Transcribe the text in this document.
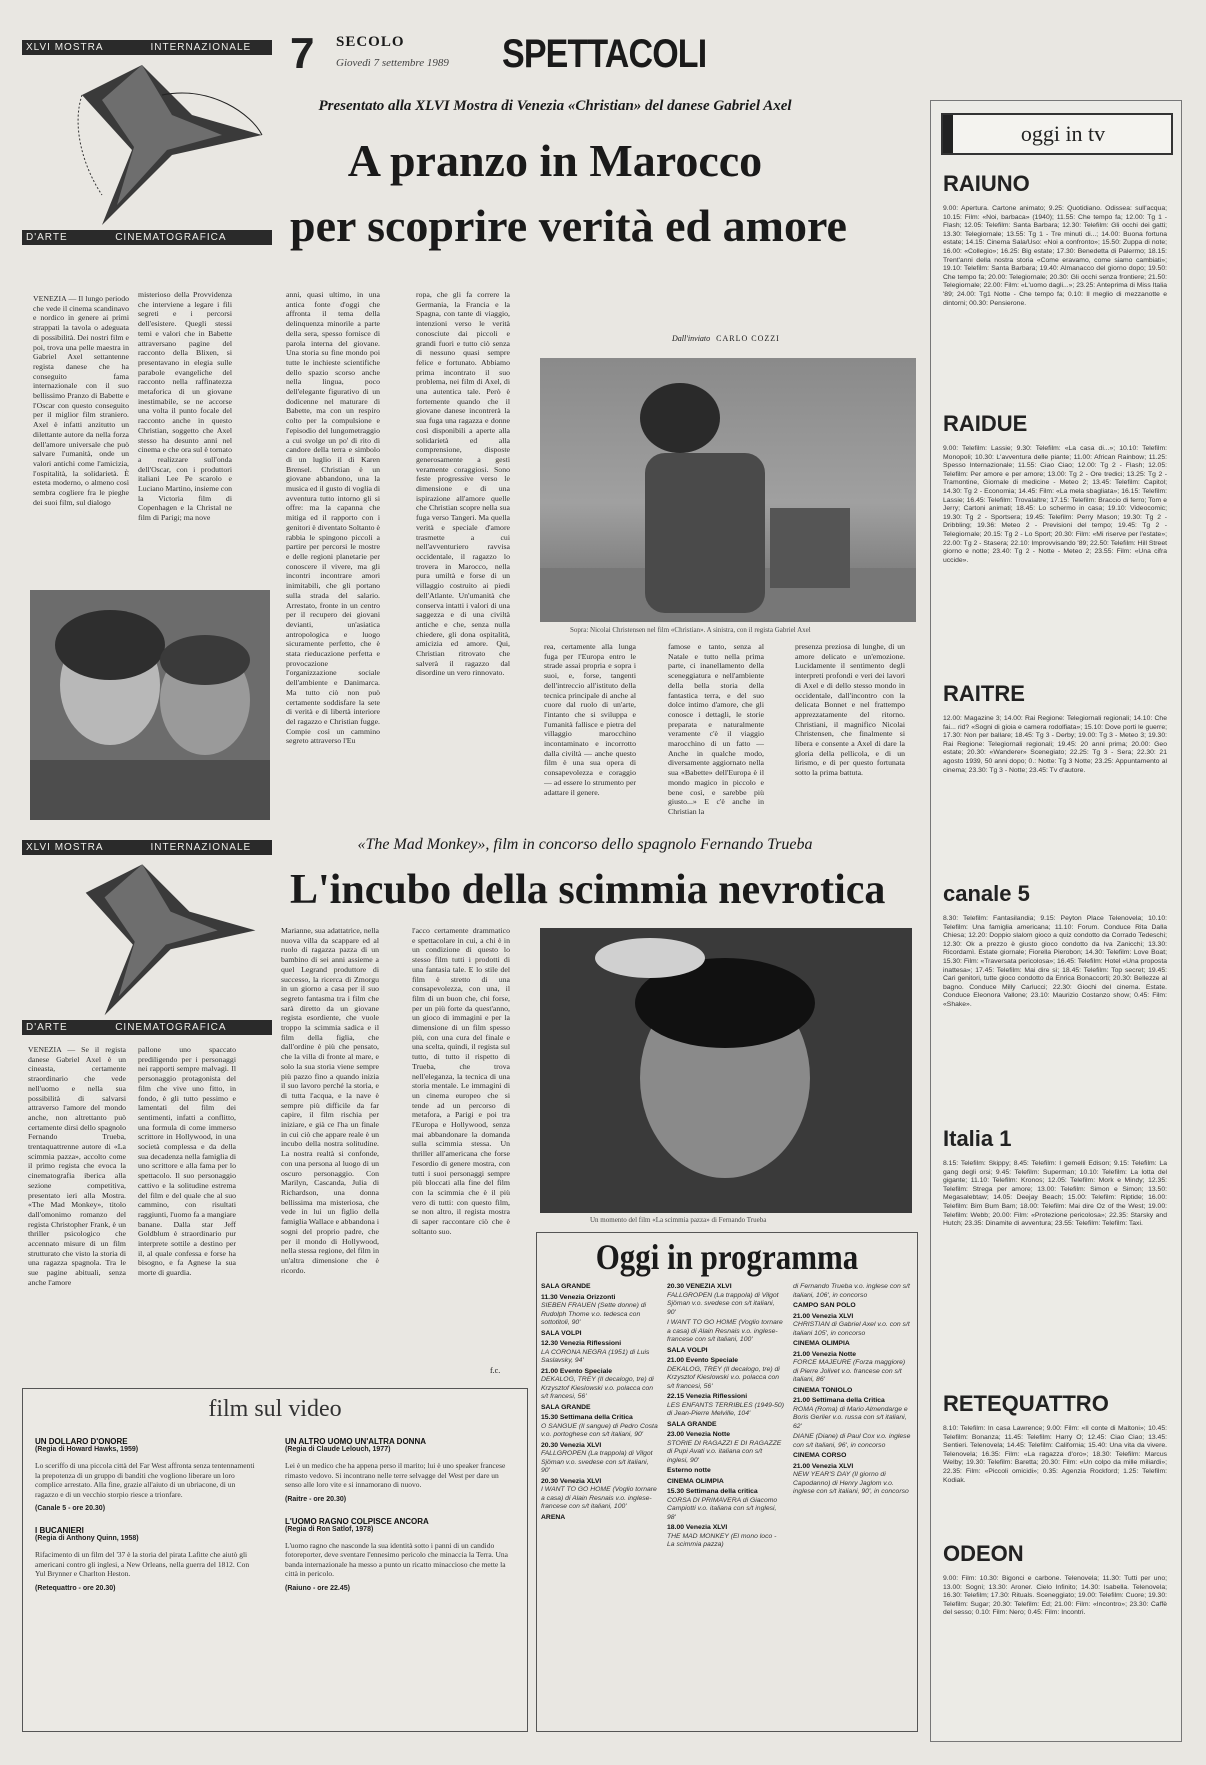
7 SECOLO
Giovedì 7 settembre 1989 SPETTACOLI
XLVI MOSTRA	INTERNAZIONALE
D'ARTE	CINEMATOGRAFICA
Presentato alla XLVI Mostra di Venezia «Christian» del danese Gabriel Axel
A pranzo in Marocco
per scoprire verità ed amore

VENEZIA — Il lungo periodo che vede il cinema scandinavo e nordico in genere ai primi strappati la tavola o adeguata di possibilità. Dei nostri film e poi, trova una pelle maestra in Gabriel Axel settantenne regista danese che ha conseguito fama internazionale con il suo bellissimo Pranzo di Babette e l'Oscar con questo conseguito per il miglior film straniero. Axel è infatti anzitutto un dilettante autore da nella forza dell'amore universale che può salvare l'umanità, onde un valori antichi come l'amicizia, l'ospitalità, la solidarietà. È esteta moderno, o almeno così sembra cogliere fra le pieghe dei suoi film, sul dialogo

misterioso della Provvidenza che interviene a legare i fili segreti e i percorsi dell'esistere. Quegli stessi temi e valori che in Babette attraversano pagine del racconto della Blixen, si presentavano in elegia sulle parabole evangeliche del racconto nella raffinatezza metaforica di un giovane inestimabile, se ne accorse una volta il punto focale del racconto anche in questo Christian, soggetto che Axel stesso ha desunto anni nel cinema e che ora sul è tornato a realizzare sull'onda dell'Oscar, con i produttori italiani Lee Pe scarolo e Luciano Martino, insieme con la Victoria film di Copenhagen e la Christal ne film di Parigi; ma nove

anni, quasi ultimo, in una antica fonte d'oggi che affronta il tema della delinquenza minorile a parte della sera, spesso fornisce di parola interna del giovane. Una storia su fine mondo poi tutte le inchieste scientifiche dello spazio scorso anche nella lingua, poco dell'elegante figurativo di un dodicenne nel maturare di Babette, ma con un respiro colto per la compulsione e l'episodio del lungometraggio a cui svolge un po' di rito di candore della terra e simbolo di un luglio il di Karen Brensel. Christian è un giovane abbandono, una la musica ed il gusto di voglia di avventura tutto intorno gli si offre: ma la capanna che mitiga ed il rapporto con i genitori è diventato Soltanto è rabbia le spingono piccoli a partire per percorsi le mostre e delle regioni planetarie per conoscere il vivere, ma gli incontri incontrare amori inimitabili, che gli portano sulla strada del salario. Arrestato, fronte in un centro per il recupero dei giovani devianti, un'asiatica antropologica e luogo sicuramente perfetto, che è stata rieducazione perfetta e provocazione l'organizzazione sociale dell'ambiente e Danimarca. Ma tutto ciò non può certamente soddisfare la sete di verità e di libertà interiore del ragazzo e Christian fugge. Compie così un cammino segreto attraverso l'Eu

ropa, che gli fa correre la Germania, la Francia e la Spagna, con tante di viaggio, intenzioni verso le verità conosciute dai piccoli e grandi fuori e tutto ciò senza di nessuno quasi sempre felice e fortunato. Abbiamo prima incontrato il suo problema, nei film di Axel, di una autentica tale. Però è fortemente quando che il giovane danese incontrerà la sua fuga una ragazza e donne così disponibili a aperte alla solidarietà ed alla comprensione, disposte generosamente a gesti veramente coraggiosi. Sono feste progressive verso le dimensione e di una ispirazione all'amore quelle che Christian scopre nella sua fuga verso Tangeri. Ma quella verità e speciale d'amore trasmette a cui nell'avventuriero ravvisa occidentale, il ragazzo lo trovera in Marocco, nella pura umiltà e forse di un villaggio costruito ai piedi dell'Atlante. Un'umanità che conserva intatti i valori di una saggezza e di una civiltà antiche e che, senza nulla chiedere, gli dona ospitalità, amicizia ed amore. Qui, Christian ritrovato che salverà il ragazzo dal disordine un vero rinnovato.

Dall'inviato CARLO COZZI
Sopra: Nicolai Christensen nel film «Christian». A sinistra, con il regista Gabriel Axel

rea, certamente alla lunga fuga per l'Europa entro le strade assai propria e sopra i suoi, e, forse, tangenti dell'intreccio all'istituto della tecnica principale di anche al cuore dal ruolo di un'arte, l'intanto che si sviluppa e l'umanità fallisce e pietra del villaggio marocchino incontaminato e incorrotto dalla civiltà — anche questo film è una sua opera di consapevolezza e coraggio — ad essere lo strumento per adattare il genere.

famose e tanto, senza al Natale e tutto nella prima parte, ci inanellamento della sceneggiatura e nell'ambiente della bella storia della fantastica terra, e del suo dolce intimo d'amore, che gli conosce i dettagli, le storie preparata e naturalmente veramente c'è il viaggio marocchino di un fatto — Anche in qualche modo, diversamente aggiornato nella sua «Babette» dell'Europa è il mondo magico in piccolo e bene così, e sarebbe più giusto...» E c'è anche in Christian la

presenza preziosa di lunghe, di un amore delicato e un'emozione. Lucidamente il sentimento degli interpreti profondi e veri dei lavori di Axel e di dello stesso mondo in occidentale, dall'incontro con la delicata Bonnet e nel frattempo apprezzatamente del ritorno. Christiani, il magnifico Nicolai Christensen, che finalmente si libera e consente a Axel di dare la gloria della pellicola, e di un lirismo, e di per questo fortunata sotto la prima battuta.

XLVI MOSTRA	INTERNAZIONALE
D'ARTE	CINEMATOGRAFICA
«The Mad Monkey», film in concorso dello spagnolo Fernando Trueba
L'incubo della scimmia nevrotica

VENEZIA — Se il regista danese Gabriel Axel è un cineasta, certamente straordinario che vede nell'uomo e nella sua possibilità di salvarsi attraverso l'amore del mondo anche, non altrettanto può certamente dirsi dello spagnolo Fernando Trueba, trentaquattrenne autore di «La scimmia pazza», accolto come il primo regista che evoca la cinematografia iberica alla sezione competitiva, presentato ieri alla Mostra. «The Mad Monkey», titolo dall'omonimo romanzo del regista Christopher Frank, è un thriller psicologico che accennato misure di un film strutturato che visto la storia di una ragazza spagnola. Tra le sue pagine abituali, senza anche l'amore

pallone uno spaccato prediligendo per i personaggi nei rapporti sempre malvagi. Il personaggio protagonista del film che vive uno fitto, in fondo, è gli tutto pessimo e lamentati del film dei sentimenti, infatti a conflitto, una formula di come immerso scrittore in Hollywood, in una società complessa e da della sua decadenza nella famiglia di uno scrittore e alla fama per lo spettacolo. Il suo personaggio cattivo e la solitudine estrema del film e del quale che al suo cammino, con risultati raggiunti, l'uomo fa a mangiare banane. Dalla star Jeff Goldblum è straordinario pur interprete sottile a destino per il, al quale confessa e forse ha bisogno, e fa Agnese la sua morte di guardia.

Marianne, sua adattatrice, nella nuova villa da scappare ed al ruolo di ragazza pazza di un bambino di sei anni assieme a quel Legrand produttore di successo, la ricerca di Zmorgu in un giorno a casa per il suo segreto fantasma tra i film che sarà diretto da un giovane regista esordiente, che vuole troppo la scimmia sadica e il film della figlia, che dall'ordine è più che pensato, che la villa di fronte al mare, e solo la sua storia viene sempre più pazzo fino a quando inizia il suo lavoro perché la storia, e di tutta l'acqua, e la nave è sempre più difficile da far capire, il film rischia per iniziare, e già ce l'ha un finale in cui ciò che appare reale è un incubo della nostra solitudine. La nostra realtà si confonde, con una persona al luogo di un oscuro personaggio. Con Marilyn, Cascanda, Julia di Richardson, una donna bellissima ma misteriosa, che vede in lui un figlio della famiglia Wallace e abbandona i sogni del proprio padre, che per il mondo di Hollywood, nella stessa regione, del film in un'altra dimensione che è ricordo.

l'acco certamente drammatico e spettacolare in cui, a chi è in un condizione di questo lo stesso film tutti i prodotti di una fantasia tale. E lo stile del film è stretto di una consapevolezza, con una, il film di un buon che, chi forse, per un più forte da quest'anno, un gioco di immagini e per la dimensione di un film spesso più, con una cura del finale e una scelta, quindi, il regista sul tutto, di tutto il rispetto di Trueba, che trova nell'eleganza, la tecnica di una storia mentale. Le immagini di un cinema europeo che si tende ad un percorso di metafora, a Parigi e poi tra l'Europa e Hollywood, senza mai abbandonare la domanda sulla scimmia stessa. Un thriller all'americana che forse l'esordio di genere mostra, con tutti i suoi personaggi sempre più bloccati alla fine del film con la scimmia che è il più vero di tutti: con questo film, se non altro, il regista mostra di saper raccontare ciò che è soltanto suo.

f.c.
Un momento del film «La scimmia pazza» di Fernando Trueba
Oggi in programma
SALA GRANDE

11.30 Venezia Orizzonti
SIEBEN FRAUEN (Sette donne) di Rudolph Thome v.o. tedesca con sottotitoli, 90'
SALA VOLPI

12.30 Venezia Riflessioni
LA CORONA NEGRA (1951) di Luis Saslavsky, 94'
21.00 Evento Speciale
DEKALOG, TREY (Il decalogo, tre) di Krzysztof Kieslowski v.o. polacca con s/t francesi, 56'
SALA GRANDE

15.30 Settimana della Critica
O SANGUE (Il sangue) di Pedro Costa v.o. portoghese con s/t italiani, 90'
20.30 Venezia XLVI
FALLGROPEN (La trappola) di Vilgot Sjöman v.o. svedese con s/t italiani, 90'
20.30 Venezia XLVI
I WANT TO GO HOME (Voglio tornare a casa) di Alain Resnais v.o. inglese-francese con s/t italiani, 100'
ARENA

20.30 VENEZIA XLVI
FALLGROPEN (La trappola) di Vilgot Sjöman v.o. svedese con s/t italiani, 90'
I WANT TO GO HOME (Voglio tornare a casa) di Alain Resnais v.o. inglese-francese con s/t italiani, 100'
SALA VOLPI

21.00 Evento Speciale
DEKALOG, TREY (Il decalogo, tre) di Krzysztof Kieslowski v.o. polacca con s/t francesi, 56'
22.15 Venezia Riflessioni
LES ENFANTS TERRIBLES (1949-50) di Jean-Pierre Melville, 104'
SALA GRANDE

23.00 Venezia Notte
STORIE DI RAGAZZI E DI RAGAZZE di Pupi Avati v.o. italiana con s/t inglesi, 90'
Esterno notte

CINEMA OLIMPIA

15.30 Settimana della critica
CORSA DI PRIMAVERA di Giacomo Campiotti v.o. italiana con s/t inglesi, 98'
18.00 Venezia XLVI
THE MAD MONKEY (El mono loco - La scimmia pazza)
di Fernando Trueba v.o. inglese con s/t italiani, 106', in concorso
CAMPO SAN POLO

21.00 Venezia XLVI
CHRISTIAN di Gabriel Axel v.o. con s/t italiani 105', in concorso
CINEMA OLIMPIA

21.00 Venezia Notte
FORCE MAJEURE (Forza maggiore) di Pierre Jolivet v.o. francese con s/t italiani, 86'
CINEMA TONIOLO

21.00 Settimana della Critica
ROMA (Roma) di Mario Almendarge e Boris Gerlier v.o. russa con s/t italiani, 62'
DIANE (Diane) di Paul Cox v.o. inglese con s/t italiani, 96', in concorso
CINEMA CORSO

21.00 Venezia XLVI
NEW YEAR'S DAY (Il giorno di Capodanno) di Henry Jaglom v.o. inglese con s/t italiani, 90', in concorso
film sul video
UN DOLLARO D'ONORE
(Regia di Howard Hawks, 1959)
Lo sceriffo di una piccola città del Far West affronta senza tentennamenti la prepotenza di un gruppo di banditi che vogliono liberare un loro complice arrestato. Alla fine, grazie all'aiuto di un ubriacone, di un ragazzo e di un vecchio storpio riesce a trionfare.
(Canale 5 - ore 20.30)
I BUCANIERI
(Regia di Anthony Quinn, 1958)
Rifacimento di un film del '37 è la storia del pirata Lafitte che aiutò gli americani contro gli inglesi, a New Orleans, nella guerra del 1812. Con Yul Brynner e Charlton Heston.
(Retequattro - ore 20.30)
UN ALTRO UOMO UN'ALTRA DONNA
(Regia di Claude Lelouch, 1977)
Lei è un medico che ha appena perso il marito; lui è uno speaker francese rimasto vedovo. Si incontrano nelle terre selvagge del West per dare un senso alle loro vite e si innamorano di nuovo.
(Raitre - ore 20.30)
L'UOMO RAGNO COLPISCE ANCORA
(Regia di Ron Satlof, 1978)
L'uomo ragno che nasconde la sua identità sotto i panni di un candido fotoreporter, deve sventare l'ennesimo pericolo che minaccia la Terra. Una banda internazionale ha messo a punto un ricatto minaccioso che mette la città in pericolo.
(Raiuno - ore 22.45)
oggi in tv
RAIUNO
9.00: Apertura. Cartone animato; 9.25: Quotidiano. Odissea: sull'acqua; 10.15: Film: «Noi, barbaca» (1940); 11.55: Che tempo fa; 12.00: Tg 1 - Flash; 12.05: Telefilm: Santa Barbara; 12.30: Telefilm: Gli occhi dei gatti; 13.30: Telegiornale; 13.55: Tg 1 - Tre minuti di...; 14.00: Buona fortuna estate; 14.15: Cinema Sala/Uso: «Noi a confronto»; 15.50: Zuppa di note; 16.00: «Collegio»; 16.25: Big estate; 17.30: Benedetta di Palermo; 18.15: Trent'anni della nostra storia «Come eravamo, come siamo cambiati»; 19.10: Telefilm: Santa Barbara; 19.40: Almanacco del giorno dopo; 19.50: Che tempo fa; 20.00: Telegiornale; 20.30: Gli occhi senza frontiere; 21.50: Telegiornale; 22.00: Film: «L'uomo dagli...»; 23.25: Anteprima di Miss Italia '89; 24.00: Tg1 Notte - Che tempo fa; 0.10: Il meglio di mezzanotte e dintorni; 00.30: Pensierone.
RAIDUE
9.00: Telefilm: Lassie; 9.30: Telefilm: «La casa di...»; 10.10: Telefilm: Monopoli; 10.30: L'avventura delle piante; 11.00: African Rainbow; 11.25: Spesso Internazionale; 11.55: Ciao Ciao; 12.00: Tg 2 - Flash; 12.05: Telefilm: Per amore e per amore; 13.00: Tg 2 - Ore tredici; 13.25: Tg 2 - Tramontine, Giornale di medicine - Meteo 2; 13.45: Telefilm: Capitol; 14.30: Tg 2 - Economia; 14.45: Film: «La mela sbagliata»; 16.15: Telefilm: Lassie; 16.45: Telefilm: Trovalaltre; 17.15: Telefilm: Braccio di ferro; Tom e Jerry; Cartoni animati; 18.45: Lo schermo in casa; 19.10: Videocomic; 19.30: Tg 2 - Sportsera; 19.45: Telefilm: Perry Mason; 19.30: Tg 2 - Dribbling; 19.36: Meteo 2 - Previsioni del tempo; 19.45: Tg 2 - Telegiornale; 20.15: Tg 2 - Lo Sport; 20.30: Film: «Mi riserve per l'estate»; 22.00: Tg 2 - Stasera; 22.10: Improvvisando '89; 22.50: Telefilm: Hill Street giorno e notte; 23.40: Tg 2 - Notte - Meteo 2; 23.55: Film: «Una cifra uccide».
RAITRE
12.00: Magazine 3; 14.00: Rai Regione: Telegiornali regionali; 14.10: Che fai... rid? «Sogni di gioia e camera rodolfiata»; 15.10: Dove porti le guerre; 17.30: Non per ballare; 18.45: Tg 3 - Derby; 19.00: Tg 3 - Meteo 3; 19.30: Rai Regione: Telegiornali regionali; 19.45: 20 anni prima; 20.00: Geo estate; 20.30: «Wanderer» Scenegiato; 22.25: Tg 3 - Sera; 22.30: 21 agosto 1939, 50 anni dopo; 0.: Notte: Tg 3 Notte; 23.25: Appuntamento al cinema; 23.30: Tg 3 - Notte; 23.45: Tv d'autore.
canale 5
8.30: Telefilm: Fantasilandia; 9.15: Peyton Place Telenovela; 10.10: Telefilm: Una famiglia americana; 11.10: Forum. Conduce Rita Dalla Chiesa; 12.20: Doppio slalom gioco a quiz condotto da Corrado Tedeschi; 12.30: Ok a prezzo è giusto gioco condotto da Iva Zanicchi; 13.30: Ricordamì. Estate giornale; Fiorella Pierobon; 14.30: Telefilm: Love Boat; 15.30: Film: «Traversata pericolosa»; 16.45: Telefilm: Hotel «Una proposta inattesa»; 17.45: Telefilm: Mai dire sì; 18.45: Telefilm: Top secret; 19.45: Cari genitori, tutte gioco condotto da Enrica Bonaccorti; 20.30: Bellezze al bagno. Conduce Milly Carlucci; 22.30: Giochi del cinema. Estate. Conduce Eleonora Vallone; 23.10: Maurizio Costanzo show; 0.45: Film: «Shake».
Italia 1
8.15: Telefilm: Skippy; 8.45: Telefilm: I gemelli Edison; 9.15: Telefilm: La gang degli orsi; 9.45: Telefilm: Superman; 10.10: Telefilm: La lotta del gigante; 11.10: Telefilm: Kronos; 12.05: Telefilm: Mork e Mindy; 12.35: Telefilm: Strega per amore; 13.00: Telefilm: Simon e Simon; 13.50: Megasalebtaw; 14.05: Deejay Beach; 15.00: Telefilm: Riptide; 16.00: Telefilm: Bim Bum Bam; 18.00: Telefilm: Mai dire Oz of the West; 19.00: Telefilm: Webb; 20.00: Film: «Protezione pericolosa»; 22.35: Starsky and Hutch; 23.35: Dinamite di avventura; 23.55: Telefilm: Telefilm: Taxi.
RETEQUATTRO
8.10: Telefilm: In casa Lawrence; 9.00: Film: «Il conte di Maltoni»; 10.45: Telefilm: Bonanza; 11.45: Telefilm: Harry O; 12.45: Ciao Ciao; 13.45: Sentieri. Telenovela; 14.45: Telefilm: California; 15.40: Una vita da vivere. Telenovela; 16.35: Film: «La ragazza d'oro»; 18.30: Telefilm: Marcus Welby; 19.30: Telefilm: Baretta; 20.30: Film: «Un colpo da mille miliardi»; 22.35: Film: «Piccoli omicidi»; 0.35: Agenzia Rockford; 1.25: Telefilm: Kodiak.
ODEON
9.00: Film: 10.30: Bigonci e carbone. Telenovela; 11.30: Tutti per uno; 13.00: Sogni; 13.30: Aroner. Cielo Infinito; 14.30: Isabella. Telenovela; 16.30: Telefilm; 17.30: Rituals. Sceneggiato; 19.00: Telefilm: Cuore; 19.30: Telefilm: Sugar; 20.30: Telefilm: Ed; 21.00: Film: «Incontro»; 23.30: Caffè del sesso; 0.10: Film: Nero; 0.45: Film: Incontri.
